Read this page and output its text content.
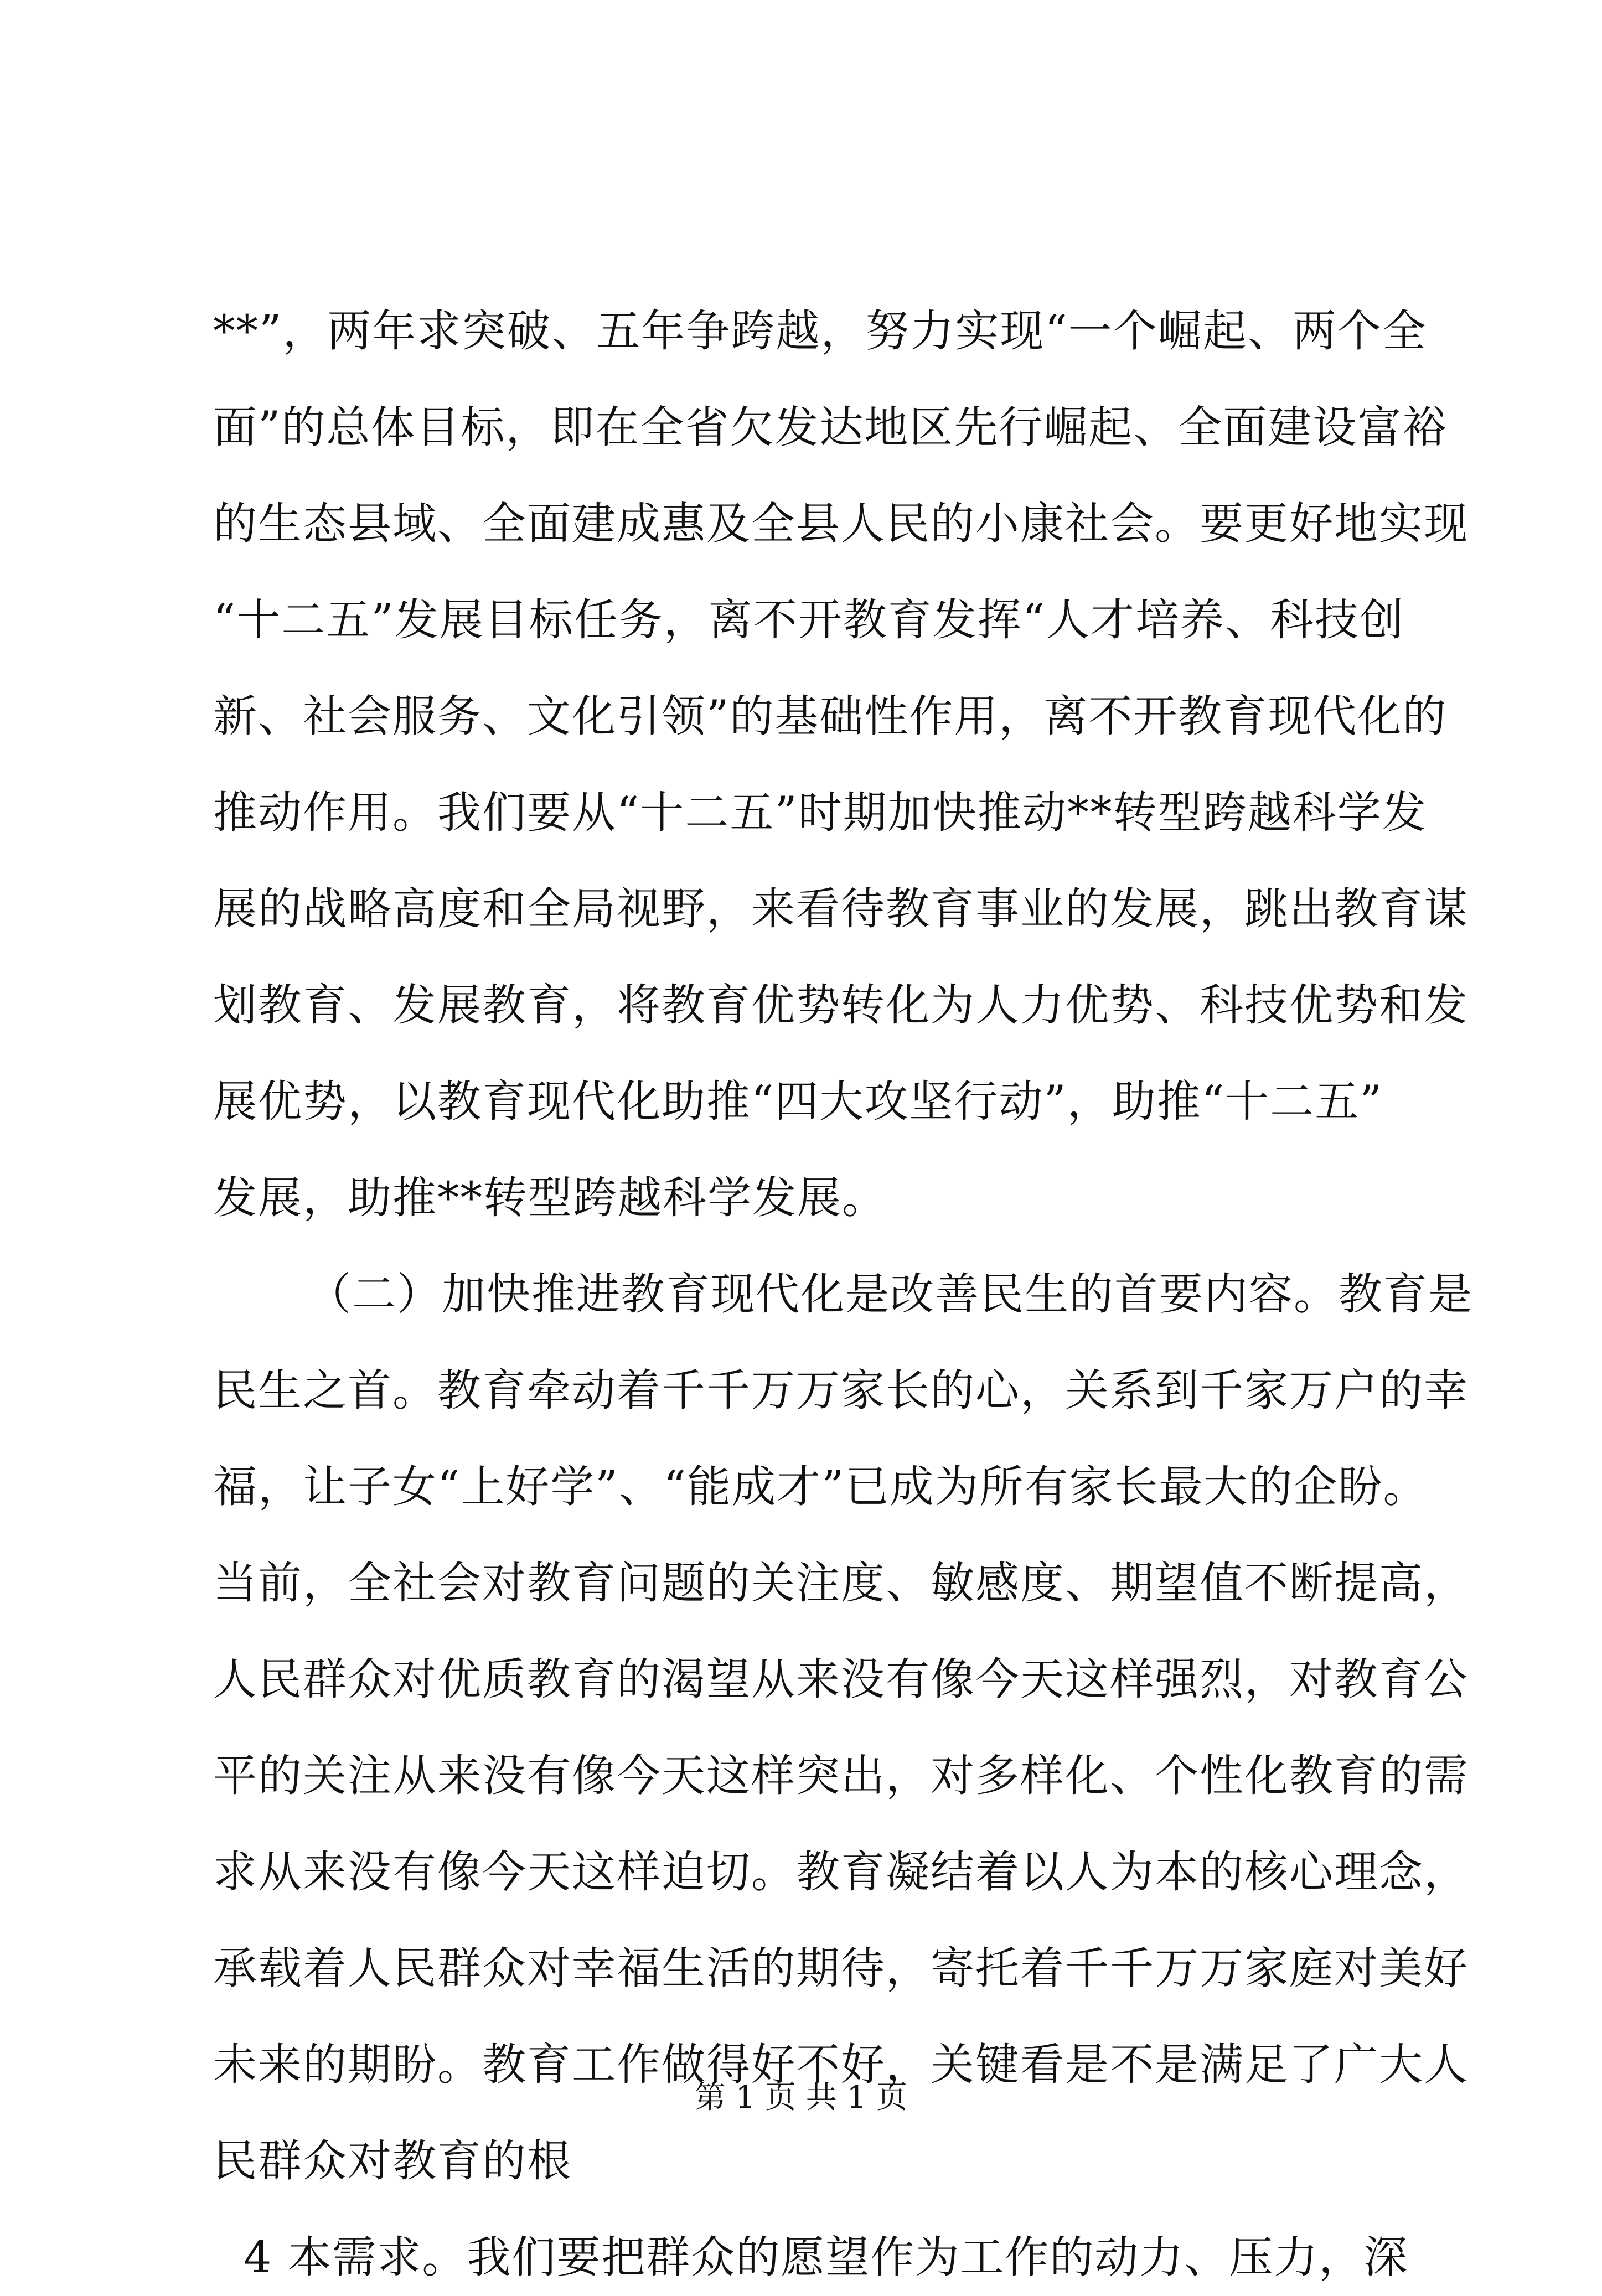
**”，两年求突破、五年争跨越，努力实现“一个崛起、两个全
面”的总体目标，即在全省欠发达地区先行崛起、全面建设富裕
的生态县域、全面建成惠及全县人民的小康社会。要更好地实现
“十二五”发展目标任务，离不开教育发挥“人才培养、科技创
新、社会服务、文化引领”的基础性作用，离不开教育现代化的
推动作用。我们要从“十二五”时期加快推动**转型跨越科学发
展的战略高度和全局视野，来看待教育事业的发展，跳出教育谋
划教育、发展教育，将教育优势转化为人力优势、科技优势和发
展优势，以教育现代化助推“四大攻坚行动”，助推“十二五”
发展，助推**转型跨越科学发展。
（二）加快推进教育现代化是改善民生的首要内容。教育是
民生之首。教育牵动着千千万万家长的心，关系到千家万户的幸
福，让子女“上好学”、“能成才”已成为所有家长最大的企盼。
当前，全社会对教育问题的关注度、敏感度、期望值不断提高，
人民群众对优质教育的渴望从来没有像今天这样强烈，对教育公
平的关注从来没有像今天这样突出，对多样化、个性化教育的需
求从来没有像今天这样迫切。教育凝结着以人为本的核心理念，
承载着人民群众对幸福生活的期待，寄托着千千万万家庭对美好
未来的期盼。教育工作做得好不好，关键看是不是满足了广大人
民群众对教育的根
4 本需求。我们要把群众的愿望作为工作的动力、压力，深
第 1 页 共 1 页
